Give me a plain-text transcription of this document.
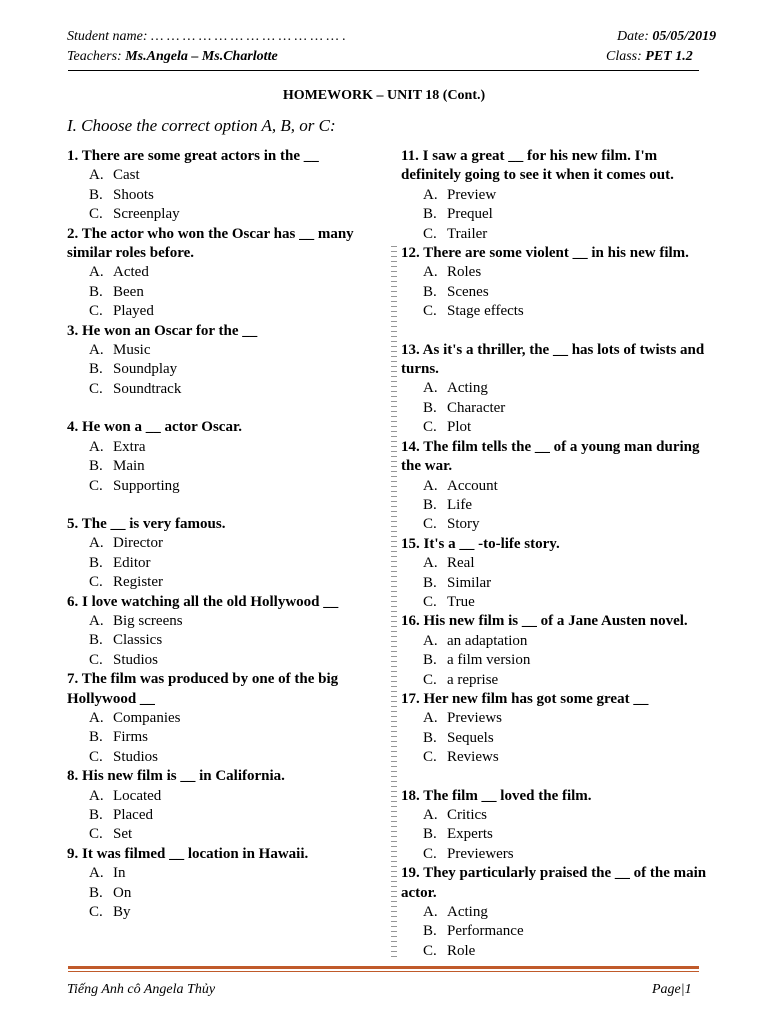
Student name: … … … … … … … … … … … … .
Teachers: Ms.Angela – Ms.Charlotte
Date: 05/05/2019
Class: PET 1.2
HOMEWORK – UNIT 18 (Cont.)
I. Choose the correct option A, B, or C:

1. There are some great actors in the __

A. Cast
B. Shoots
C. Screenplay

2. The actor who won the Oscar has __ many similar roles before.

A. Acted
B. Been
C. Played

3. He won an Oscar for the __

A. Music
B. Soundplay
C. Soundtrack

4. He won a __ actor Oscar.

A. Extra
B. Main
C. Supporting

5. The __ is very famous.

A. Director
B. Editor
C. Register

6. I love watching all the old Hollywood __

A. Big screens
B. Classics
C. Studios

7. The film was produced by one of the big Hollywood __

A. Companies
B. Firms
C. Studios

8. His new film is __ in California.

A. Located
B. Placed
C. Set

9. It was filmed __ location in Hawaii.

A. In
B. On
C. By

11. I saw a great __ for his new film. I'm definitely going to see it when it comes out.

A. Preview
B. Prequel
C. Trailer

12. There are some violent __ in his new film.

A. Roles
B. Scenes
C. Stage effects

13. As it's a thriller, the __ has lots of twists and turns.

A. Acting
B. Character
C. Plot

14. The film tells the __ of a young man during the war.

A. Account
B. Life
C. Story

15. It's a __ -to-life story.

A. Real
B. Similar
C. True

16. His new film is __ of a Jane Austen novel.

A. an adaptation
B. a film version
C. a reprise

17. Her new film has got some great __

A. Previews
B. Sequels
C. Reviews

18. The film __ loved the film.

A. Critics
B. Experts
C. Previewers

19. They particularly praised the __ of the main actor.

A. Acting
B. Performance
C. Role
Tiếng Anh cô Angela Thủy	Page|1
